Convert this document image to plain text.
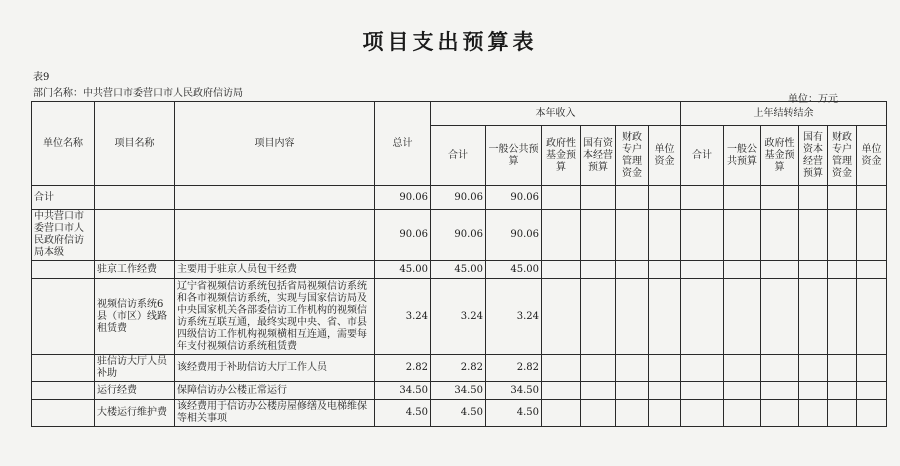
项目支出预算表
表9
部门名称：中共营口市委营口市人民政府信访局
单位：万元
单位名称	项目名称	项目内容	总计	本年收入						上年结转结余					
				合计	一般公共预算	政府性基金预算	国有资本经营预算	财政专户管理资金	单位资金	合计	一般公共预算	政府性基金预算	国有资本经营预算	财政专户管理资金	单位资金
合计			90.06	90.06	90.06										
中共营口市委营口市人民政府信访局本级			90.06	90.06	90.06										
	驻京工作经费	主要用于驻京人员包干经费	45.00	45.00	45.00										
	视频信访系统6县（市区）线路租赁费	辽宁省视频信访系统包括省局视频信访系统和各市视频信访系统，实现与国家信访局及中央国家机关各部委信访工作机构的视频信访系统互联互通，最终实现中央、省、市县四级信访工作机构视频横相互连通，需要每年支付视频信访系统租赁费	3.24	3.24	3.24										
	驻信访大厅人员补助	该经费用于补助信访大厅工作人员	2.82	2.82	2.82										
	运行经费	保障信访办公楼正常运行	34.50	34.50	34.50										
	大楼运行维护费	该经费用于信访办公楼房屋修缮及电梯维保等相关事项	4.50	4.50	4.50										
